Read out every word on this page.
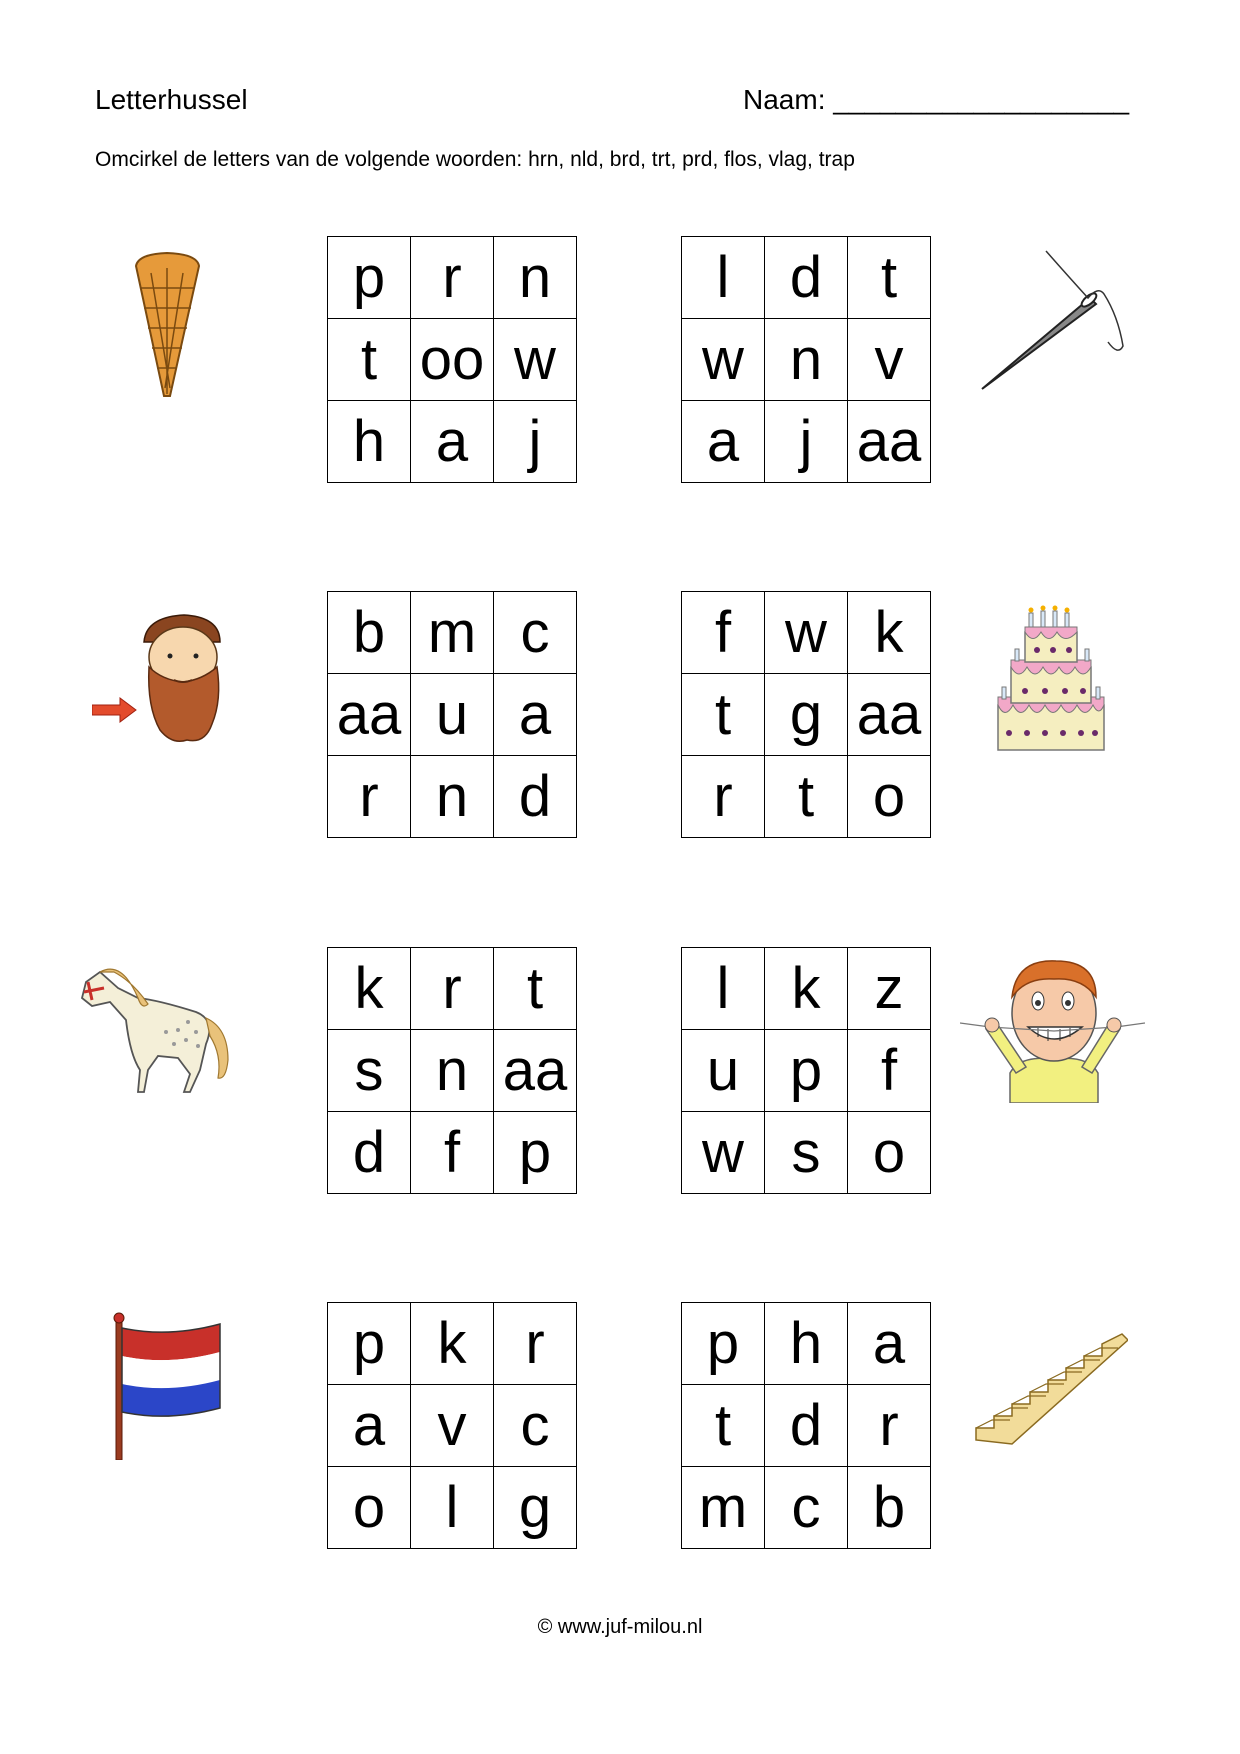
Letterhussel	Naam: ___________________
Omcirkel de letters van de volgende woorden: hrn, nld, brd, trt, prd, flos, vlag, trap
p	r	n
t	oo	w
h	a	j
l	d	t
w	n	v
a	j	aa
b	m	c
aa	u	a
r	n	d
f	w	k
t	g	aa
r	t	o
k	r	t
s	n	aa
d	f	p
l	k	z
u	p	f
w	s	o
p	k	r
a	v	c
o	l	g
p	h	a
t	d	r
m	c	b
© www.juf-milou.nl
